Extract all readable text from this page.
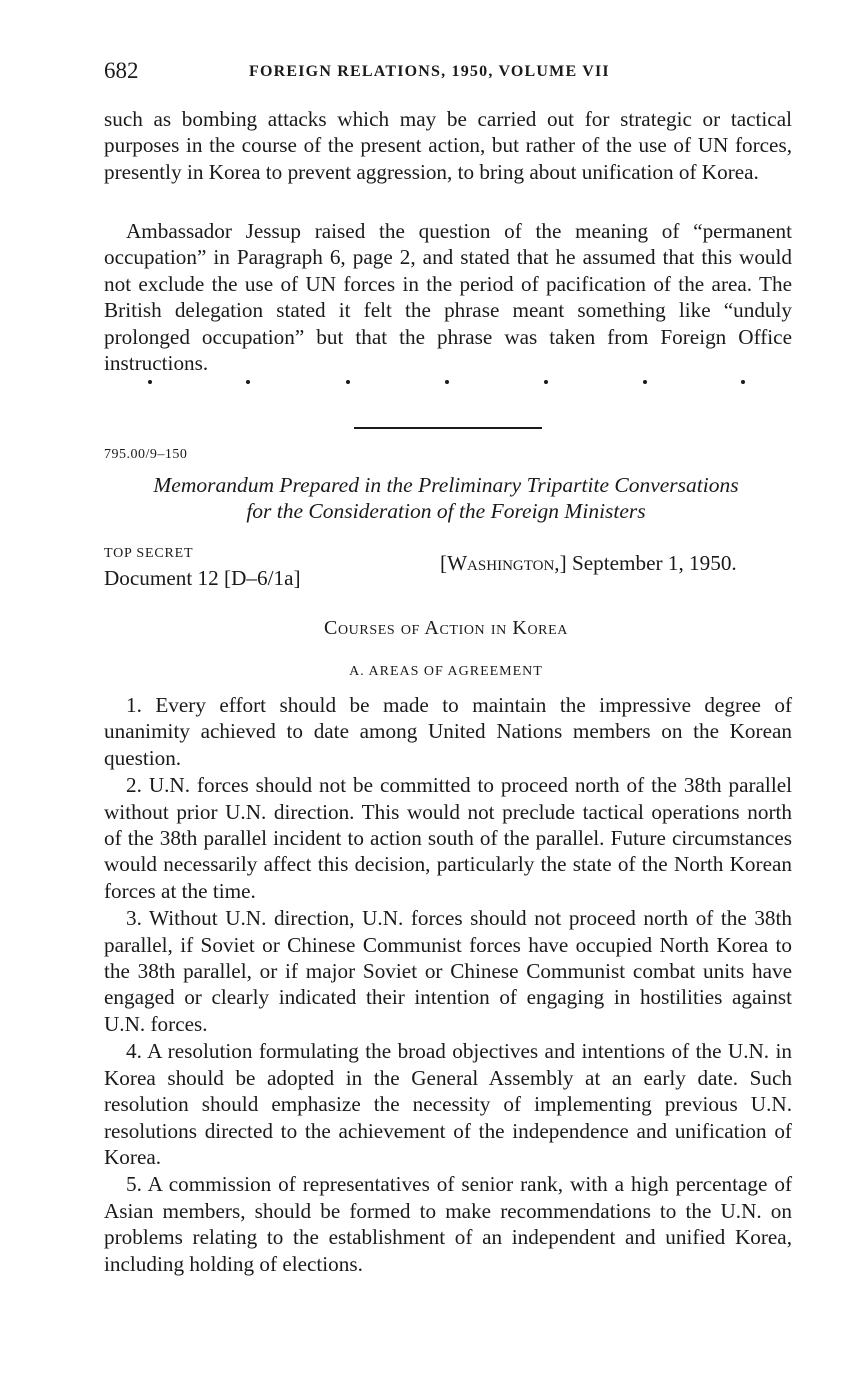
682	FOREIGN RELATIONS, 1950, VOLUME VII

such as bombing attacks which may be carried out for strategic or tactical purposes in the course of the present action, but rather of the use of UN forces, presently in Korea to prevent aggression, to bring about unification of Korea.

Ambassador Jessup raised the question of the meaning of “permanent occupation” in Paragraph 6, page 2, and stated that he assumed that this would not exclude the use of UN forces in the period of pacification of the area. The British delegation stated it felt the phrase meant something like “unduly prolonged occupation” but that the phrase was taken from Foreign Office instructions.

795.00/9–150
Memorandum Prepared in the Preliminary Tripartite Conversations
for the Consideration of the Foreign Ministers
TOP SECRET
Document 12 [D–6/1a]
[Washington,] September 1, 1950.
Courses of Action in Korea
A. AREAS OF AGREEMENT

1. Every effort should be made to maintain the impressive degree of unanimity achieved to date among United Nations members on the Korean question.

2. U.N. forces should not be committed to proceed north of the 38th parallel without prior U.N. direction. This would not preclude tactical operations north of the 38th parallel incident to action south of the parallel. Future circumstances would necessarily affect this decision, particularly the state of the North Korean forces at the time.

3. Without U.N. direction, U.N. forces should not proceed north of the 38th parallel, if Soviet or Chinese Communist forces have occupied North Korea to the 38th parallel, or if major Soviet or Chinese Communist combat units have engaged or clearly indicated their intention of engaging in hostilities against U.N. forces.

4. A resolution formulating the broad objectives and intentions of the U.N. in Korea should be adopted in the General Assembly at an early date. Such resolution should emphasize the necessity of implementing previous U.N. resolutions directed to the achievement of the independence and unification of Korea.

5. A commission of representatives of senior rank, with a high percentage of Asian members, should be formed to make recommendations to the U.N. on problems relating to the establishment of an independent and unified Korea, including holding of elections.
